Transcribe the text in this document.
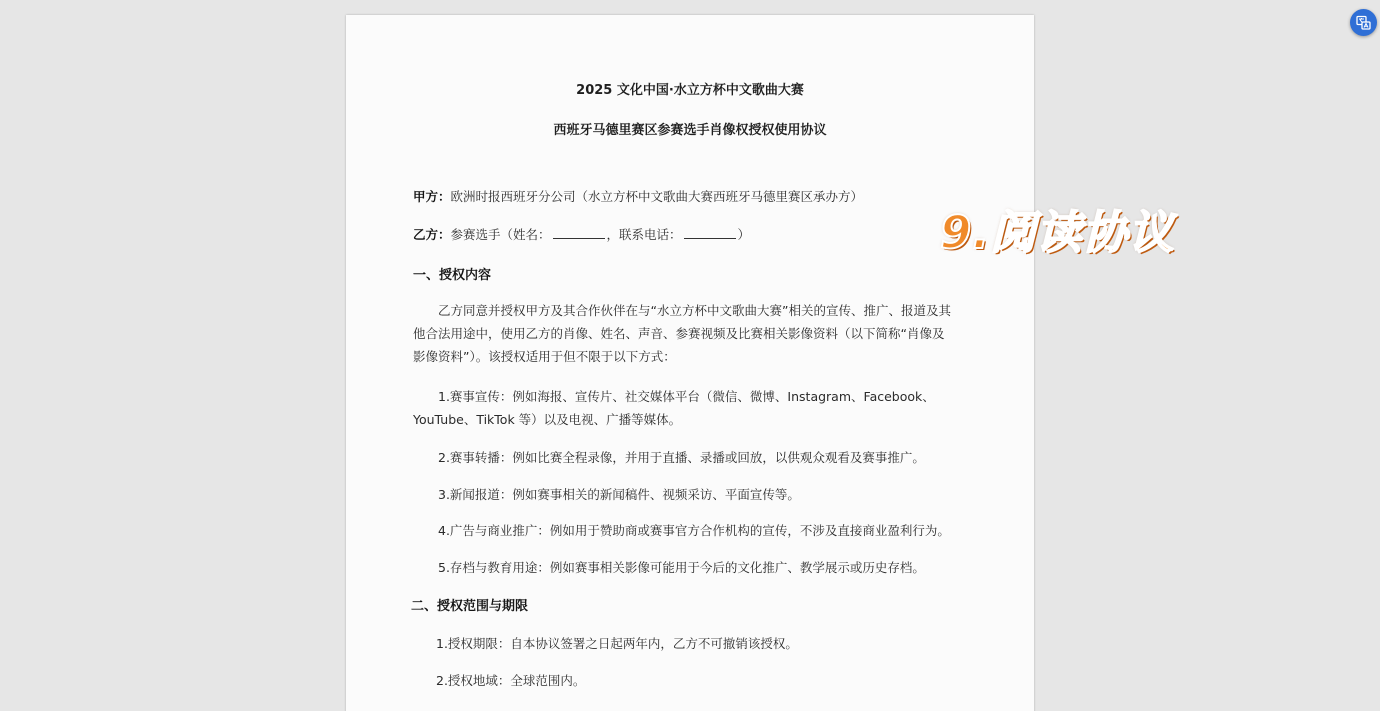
2025 文化中国·水立方杯中文歌曲大赛
西班牙马德里赛区参赛选手肖像权授权使用协议
甲方：欧洲时报西班牙分公司（水立方杯中文歌曲大赛西班牙马德里赛区承办方）
乙方：参赛选手（姓名：	，联系电话：	）
一、授权内容
乙方同意并授权甲方及其合作伙伴在与“水立方杯中文歌曲大赛”相关的宣传、推广、报道及其他合法用途中，使用乙方的肖像、姓名、声音、参赛视频及比赛相关影像资料（以下简称“肖像及影像资料”）。该授权适用于但不限于以下方式：
1.赛事宣传：例如海报、宣传片、社交媒体平台（微信、微博、Instagram、Facebook、
YouTube、TikTok 等）以及电视、广播等媒体。
2.赛事转播：例如比赛全程录像，并用于直播、录播或回放，以供观众观看及赛事推广。
3.新闻报道：例如赛事相关的新闻稿件、视频采访、平面宣传等。
4.广告与商业推广：例如用于赞助商或赛事官方合作机构的宣传，不涉及直接商业盈利行为。
5.存档与教育用途：例如赛事相关影像可能用于今后的文化推广、教学展示或历史存档。
二、授权范围与期限
1.授权期限：自本协议签署之日起两年内，乙方不可撤销该授权。
2.授权地域：全球范围内。
9.阅读协议
